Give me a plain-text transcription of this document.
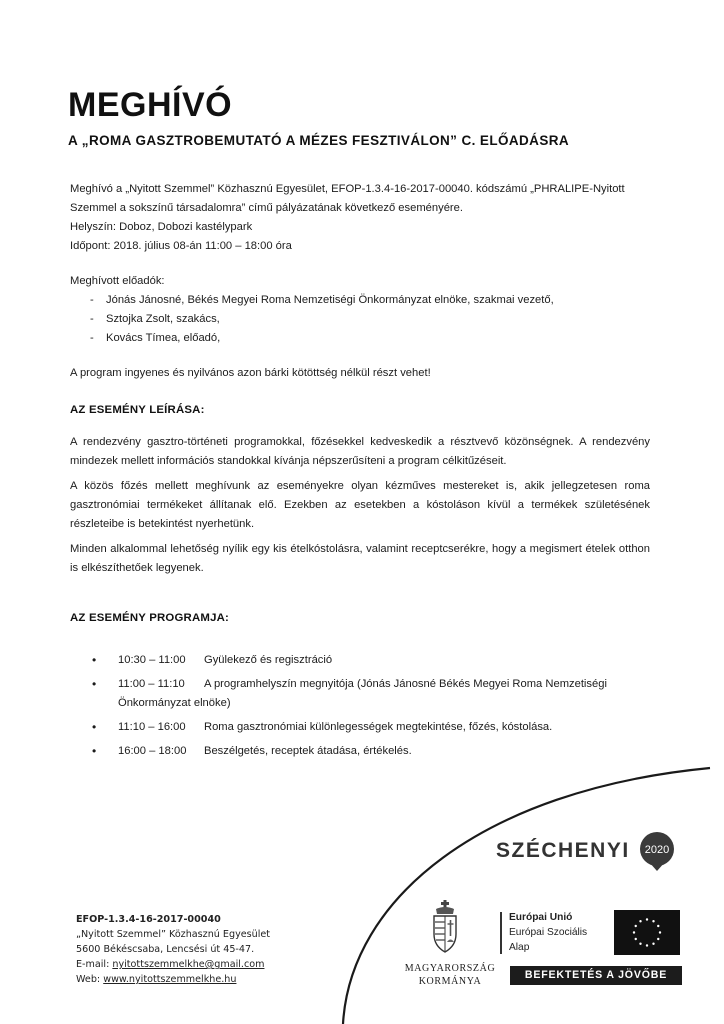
MEGHÍVÓ
A „ROMA GASZTROBEMUTATÓ A MÉZES FESZTIVÁLON” C. ELŐADÁSRA

Meghívó a „Nyitott Szemmel” Közhasznú Egyesület, EFOP-1.3.4-16-2017-00040. kódszámú „PHRALIPE-Nyitott Szemmel a sokszínű társadalomra” című pályázatának következő eseményére.

Helyszín: Doboz, Dobozi kastélypark

Időpont: 2018. július 08-án 11:00 – 18:00 óra

Meghívott előadók:
- Jónás Jánosné, Békés Megyei Roma Nemzetiségi Önkormányzat elnöke, szakmai vezető,
- Sztojka Zsolt, szakács,
- Kovács Tímea, előadó,

A program ingyenes és nyilvános azon bárki kötöttség nélkül részt vehet!

AZ ESEMÉNY LEÍRÁSA:

A rendezvény gasztro-történeti programokkal, főzésekkel kedveskedik a résztvevő közönségnek. A rendezvény mindezek mellett információs standokkal kívánja népszerűsíteni a program célkitűzéseit.

A közös főzés mellett meghívunk az eseményekre olyan kézműves mestereket is, akik jellegzetesen roma gasztronómiai termékeket állítanak elő. Ezekben az esetekben a kóstoláson kívül a termékek születésének részleteibe is betekintést nyerhetünk.

Minden alkalommal lehetőség nyílik egy kis ételkóstolásra, valamint receptcserékre, hogy a megismert ételek otthon is elkészíthetőek legyenek.

AZ ESEMÉNY PROGRAMJA:
• 10:30 – 11:00 Gyülekező és regisztráció
• 11:00 – 11:10 A programhelyszín megnyitója (Jónás Jánosné Békés Megyei Roma Nemzetiségi
Önkormányzat elnöke)
• 11:10 – 16:00 Roma gasztronómiai különlegességek megtekintése, főzés, kóstolása.
• 16:00 – 18:00 Beszélgetés, receptek átadása, értékelés.
EFOP-1.3.4-16-2017-00040
„Nyitott Szemmel” Közhasznú Egyesület
5600 Békéscsaba, Lencsési út 45-47.
E-mail: nyitottszemmelkhe@gmail.com
Web: www.nyitottszemmelkhe.hu
SZÉCHENYI 2020
MAGYARORSZÁG
KORMÁNYA
Európai Unió
Európai Szociális
Alap
BEFEKTETÉS A JÖVŐBE
